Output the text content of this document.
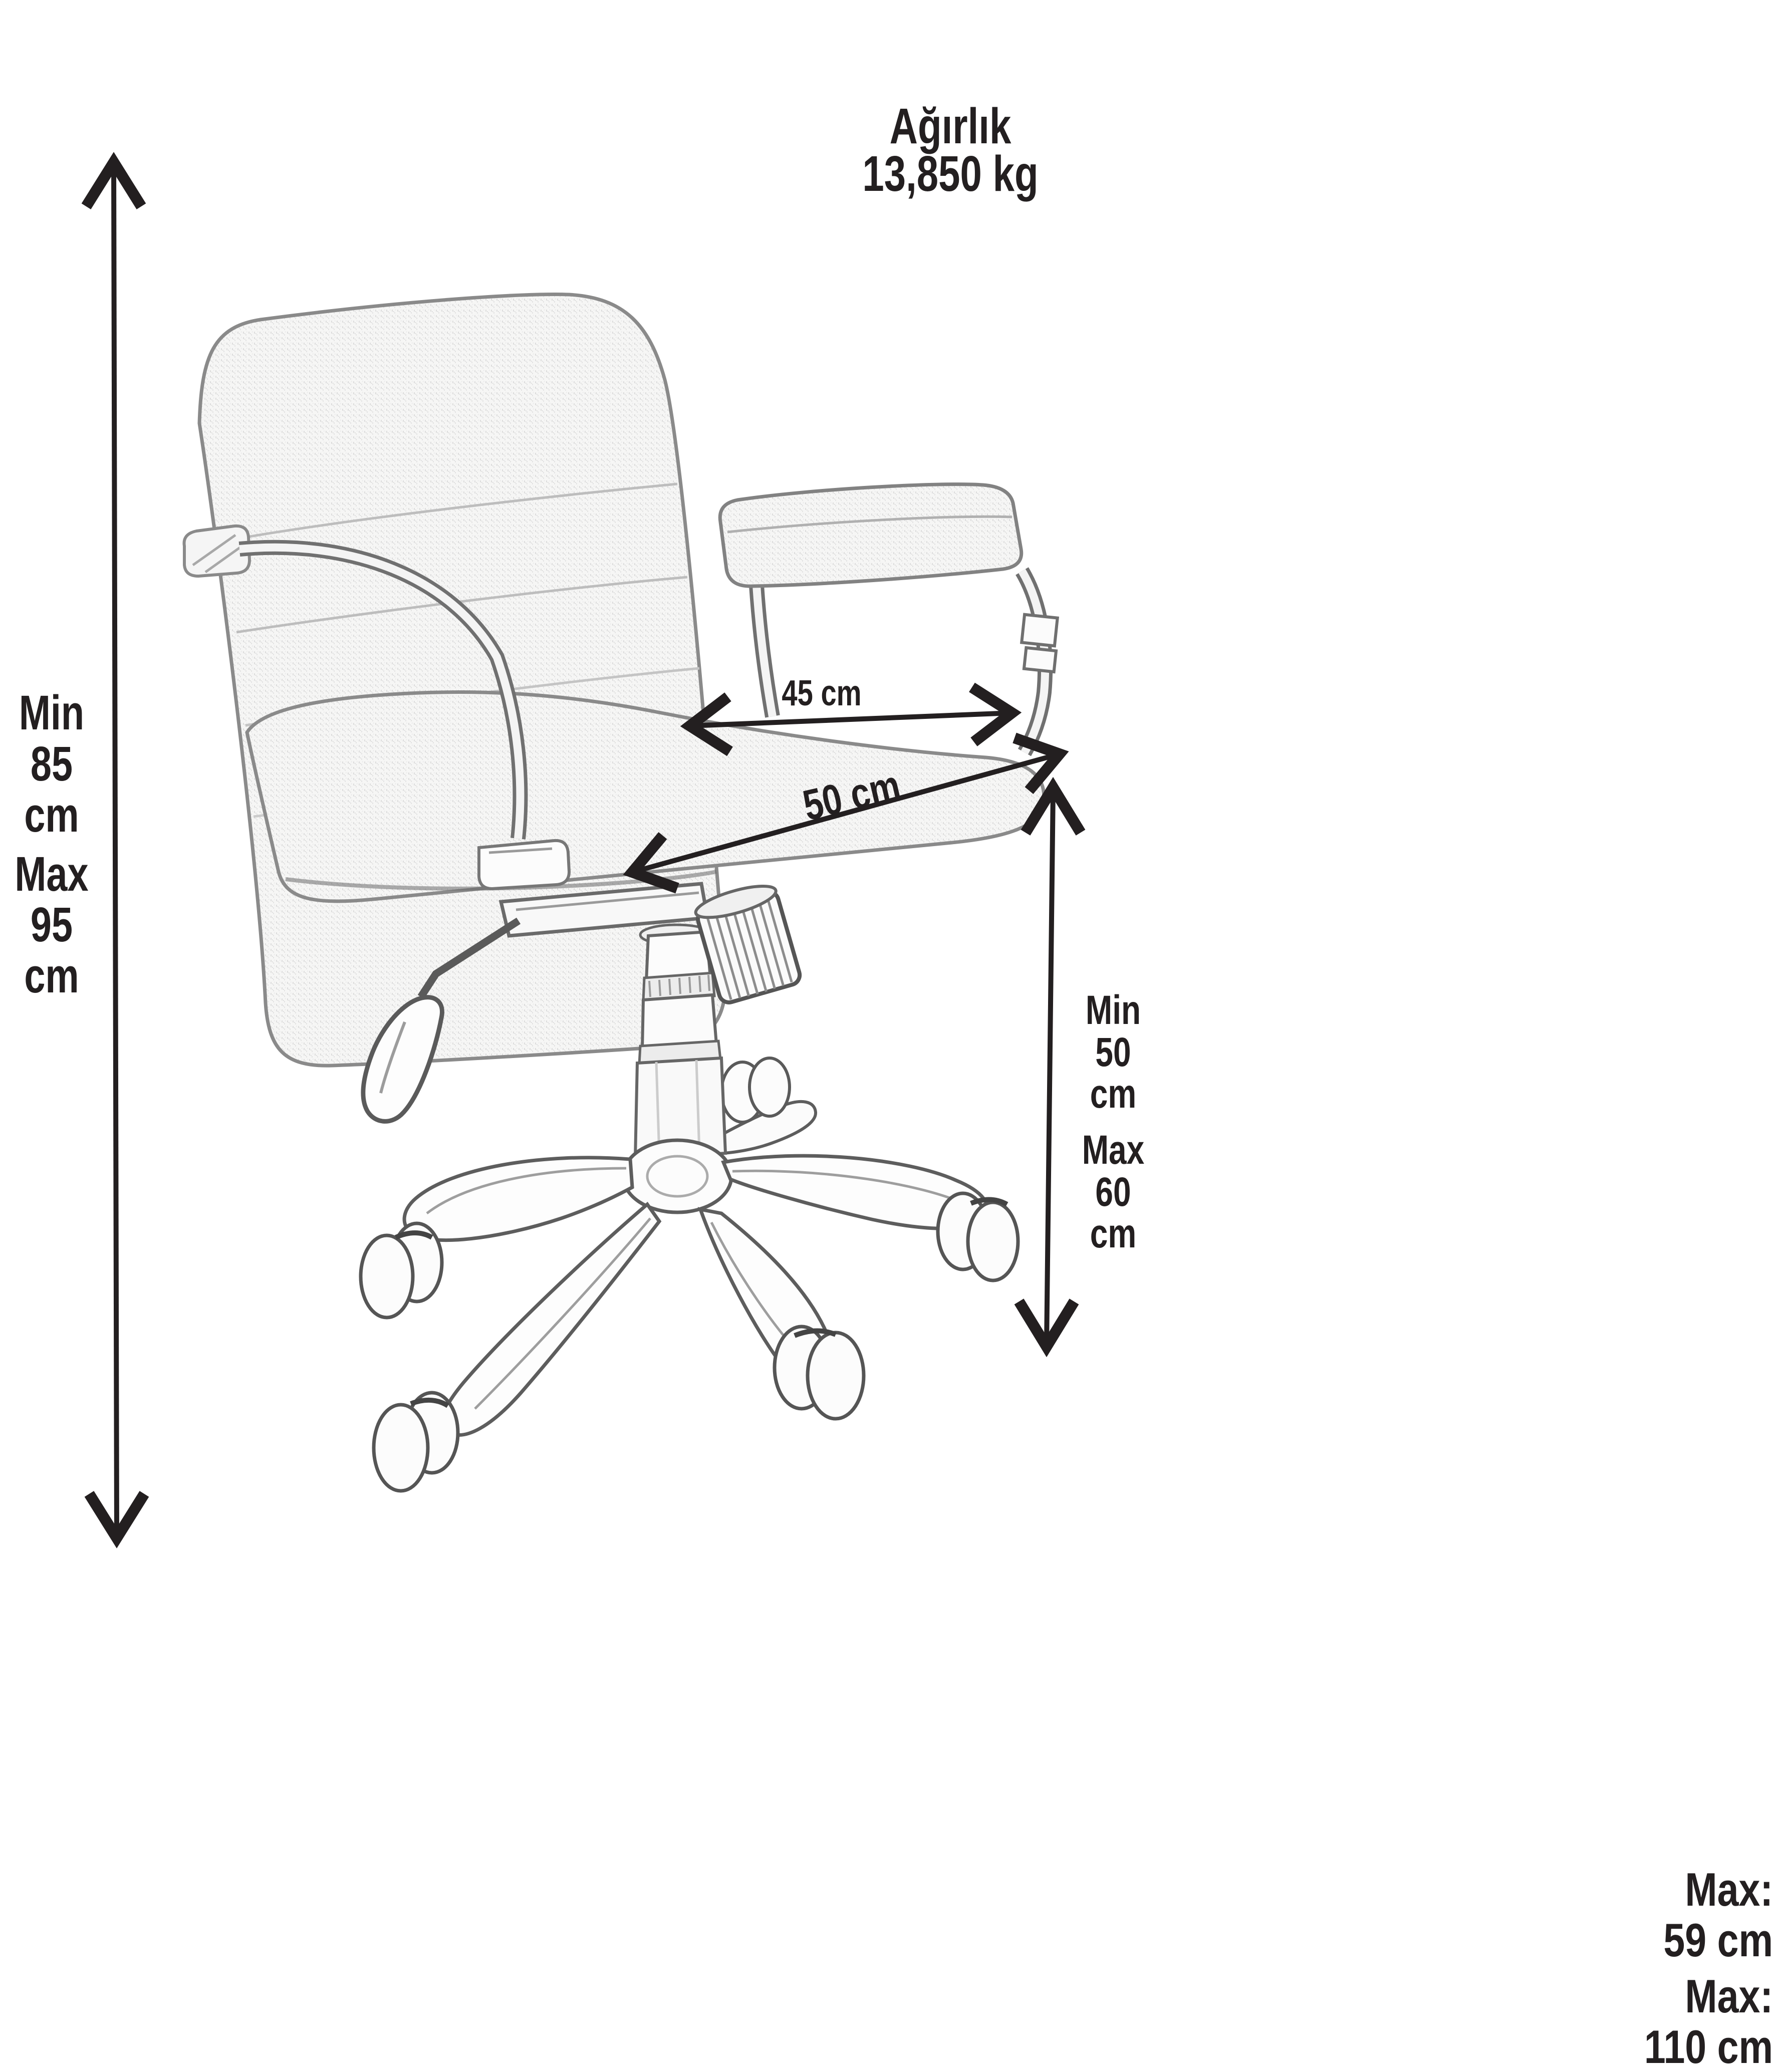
Ağırlık
13,850 kg
Min
85 cm
Max
95 cm
45 cm
50 cm
Min
50 cm
Max
60 cm
Max:
59 cm
Max:
110 cm
